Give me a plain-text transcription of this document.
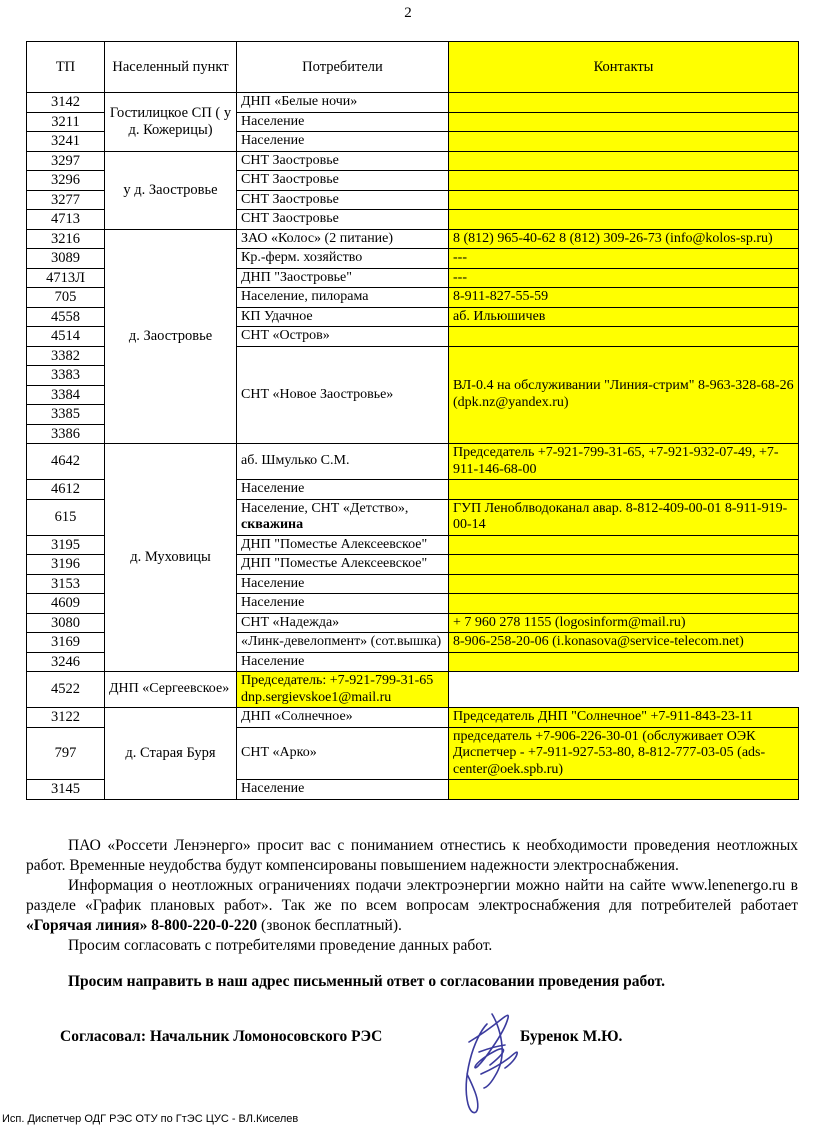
2
ТП	Населенный пункт	Потребители	Контакты
3142	Гостилицкое СП ( у д. Кожерицы)	ДНП «Белые ночи»	
3211		Население	
3241		Население	
3297	у д. Заостровье	СНТ Заостровье	
3296		СНТ Заостровье	
3277		СНТ Заостровье	
4713		СНТ Заостровье	
3216	д. Заостровье	ЗАО «Колос» (2 питание)	8 (812) 965-40-62 8 (812) 309-26-73 (info@kolos-sp.ru)
3089		Кр.-ферм. хозяйство	---
4713Л		ДНП "Заостровье"	---
705		Население, пилорама	8-911-827-55-59
4558		КП Удачное	аб. Ильюшичев
4514		СНТ «Остров»	
3382		СНТ «Новое Заостровье»	ВЛ-0.4 на обслуживании "Линия-стрим" 8-963-328-68-26 (dpk.nz@yandex.ru)
3383			
3384			
3385			
3386			
4642	д. Муховицы	аб. Шмулько С.М.	Председатель +7-921-799-31-65, +7-921-932-07-49, +7-911-146-68-00
4612		Население	
615		Население, СНТ «Детство», скважина	ГУП Леноблводоканал авар. 8-812-409-00-01 8-911-919-00-14
3195		ДНП "Поместье Алексеевское"	
3196		ДНП "Поместье Алексеевское"	
3153		Население	
4609		Население	
3080		СНТ «Надежда»	+ 7 960 278 1155 (logosinform@mail.ru)
3169		«Линк-девелопмент» (сот.вышка)	8-906-258-20-06 (i.konasova@service-telecom.net)
3246		Население	
4522	ДНП «Сергеевское»	Председатель: +7-921-799-31-65 dnp.sergievskoe1@mail.ru	
3122	д. Старая Буря	ДНП «Солнечное»	Председатель ДНП "Солнечное" +7-911-843-23-11
797		СНТ «Арко»	председатель +7-906-226-30-01 (обслуживает ОЭК Диспетчер - +7-911-927-53-80, 8-812-777-03-05 (ads-center@oek.spb.ru)
3145		Население	

ПАО «Россети Ленэнерго» просит вас с пониманием отнестись к необходимости проведения неотложных работ. Временные неудобства будут компенсированы повышением надежности электроснабжения.

Информация о неотложных ограничениях подачи электроэнергии можно найти на сайте www.lenenergo.ru в разделе «График плановых работ». Так же по всем вопросам электроснабжения для потребителей работает «Горячая линия» 8-800-220-0-220 (звонок бесплатный).

Просим согласовать с потребителями проведение данных работ.

Просим направить в наш адрес письменный ответ о согласовании проведения работ.

Согласовал: Начальник Ломоносовского РЭС	Буренок М.Ю.
Исп. Диспетчер ОДГ РЭС ОТУ по ГтЭС ЦУС - ВЛ.Киселев
